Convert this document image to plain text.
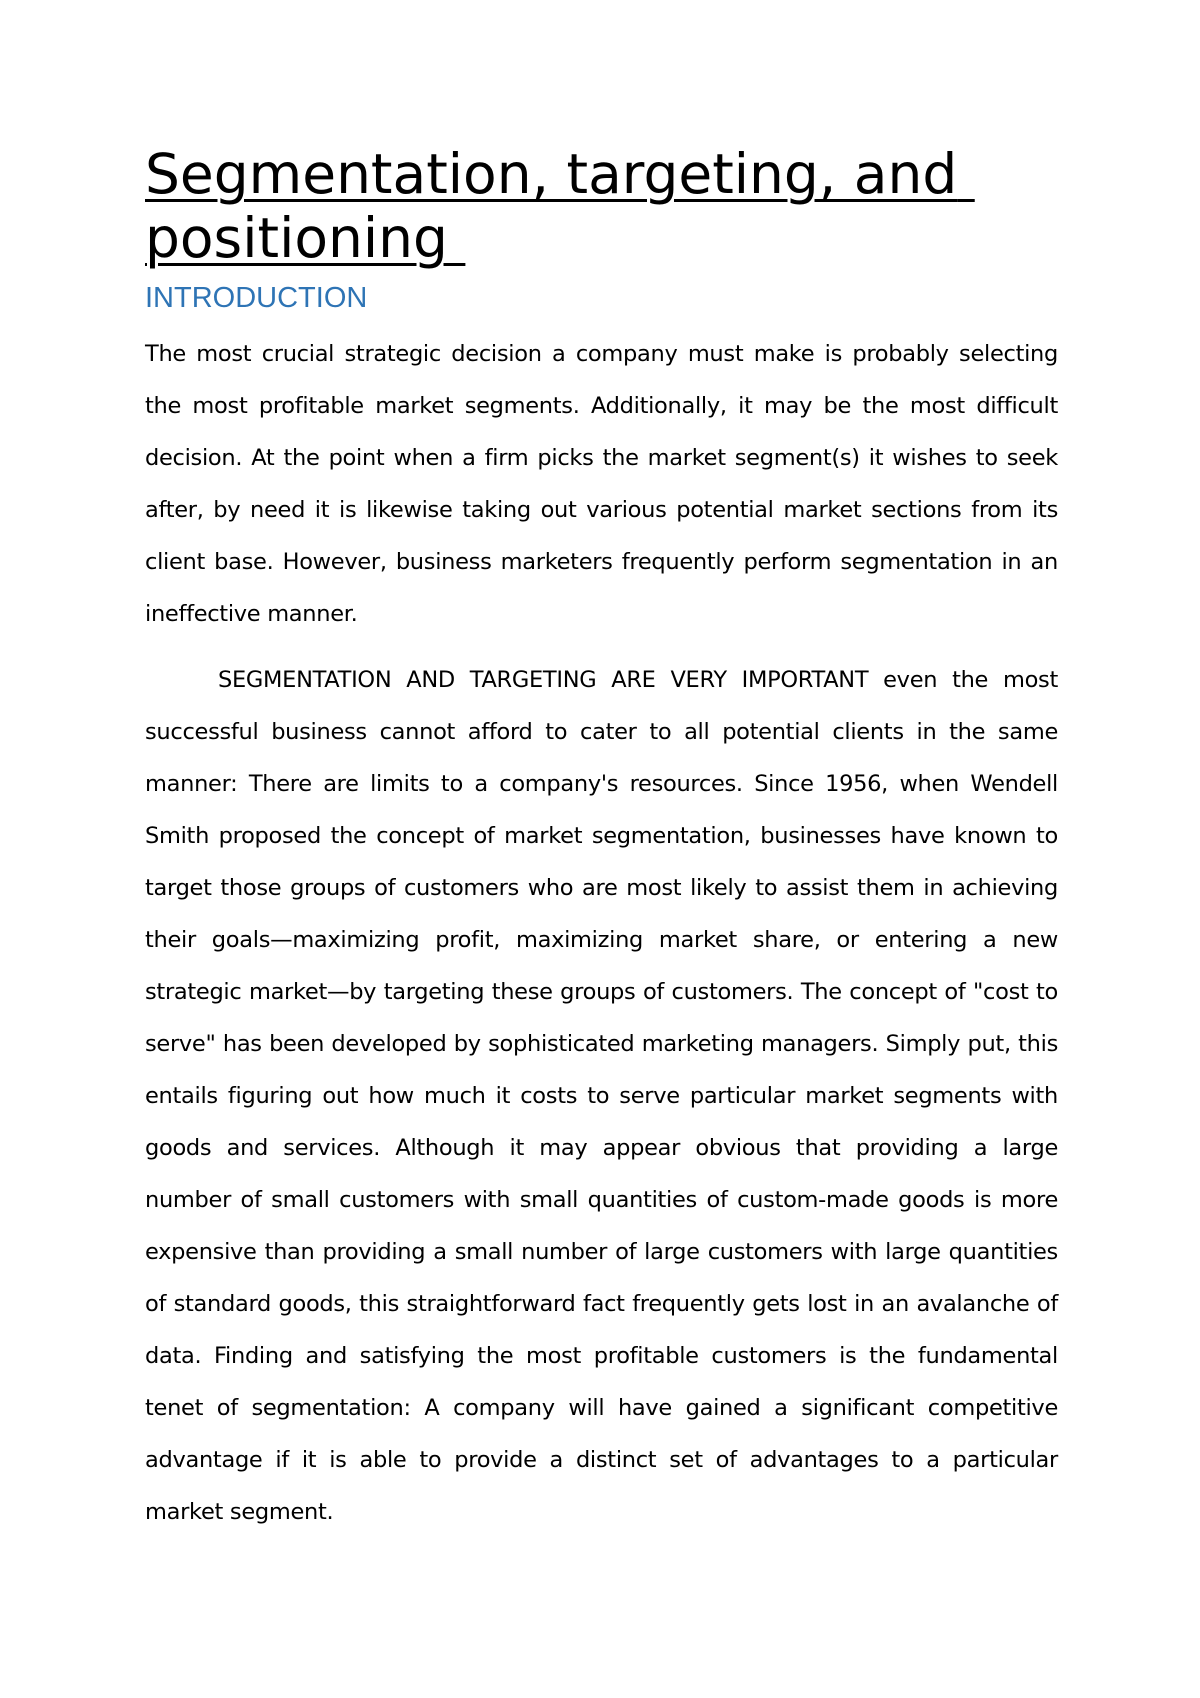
Segmentation, targeting, and positioning
INTRODUCTION

The most crucial strategic decision a company must make is probably selecting the most profitable market segments. Additionally, it may be the most difficult decision. At the point when a firm picks the market segment(s) it wishes to seek after, by need it is likewise taking out various potential market sections from its client base. However, business marketers frequently perform segmentation in an ineffective manner.

SEGMENTATION AND TARGETING ARE VERY IMPORTANT even the most successful business cannot afford to cater to all potential clients in the same manner: There are limits to a company's resources. Since 1956, when Wendell Smith proposed the concept of market segmentation, businesses have known to target those groups of customers who are most likely to assist them in achieving their goals—maximizing profit, maximizing market share, or entering a new strategic market—by targeting these groups of customers. The concept of "cost to serve" has been developed by sophisticated marketing managers. Simply put, this entails figuring out how much it costs to serve particular market segments with goods and services. Although it may appear obvious that providing a large number of small customers with small quantities of custom-made goods is more expensive than providing a small number of large customers with large quantities of standard goods, this straightforward fact frequently gets lost in an avalanche of data. Finding and satisfying the most profitable customers is the fundamental tenet of segmentation: A company will have gained a significant competitive advantage if it is able to provide a distinct set of advantages to a particular market segment.
